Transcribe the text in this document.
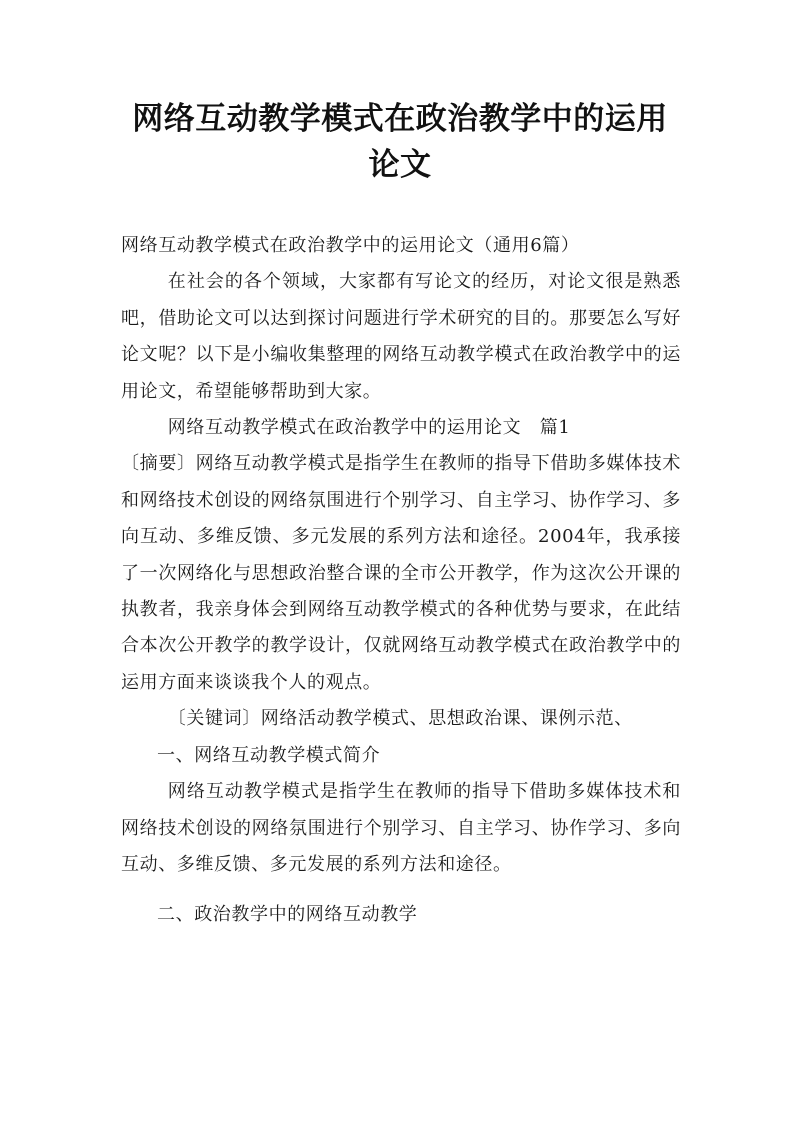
网络互动教学模式在政治教学中的运用论文

网络互动教学模式在政治教学中的运用论文（通用6篇）

在社会的各个领域，大家都有写论文的经历，对论文很是熟悉吧，借助论文可以达到探讨问题进行学术研究的目的。那要怎么写好论文呢？以下是小编收集整理的网络互动教学模式在政治教学中的运用论文，希望能够帮助到大家。

网络互动教学模式在政治教学中的运用论文　篇1

〔摘要〕网络互动教学模式是指学生在教师的指导下借助多媒体技术和网络技术创设的网络氛围进行个别学习、自主学习、协作学习、多向互动、多维反馈、多元发展的系列方法和途径。2004年，我承接了一次网络化与思想政治整合课的全市公开教学，作为这次公开课的执教者，我亲身体会到网络互动教学模式的各种优势与要求，在此结合本次公开教学的教学设计，仅就网络互动教学模式在政治教学中的运用方面来谈谈我个人的观点。

〔关键词〕网络活动教学模式、思想政治课、课例示范、

一、网络互动教学模式简介

网络互动教学模式是指学生在教师的指导下借助多媒体技术和网络技术创设的网络氛围进行个别学习、自主学习、协作学习、多向互动、多维反馈、多元发展的系列方法和途径。

二、政治教学中的网络互动教学
